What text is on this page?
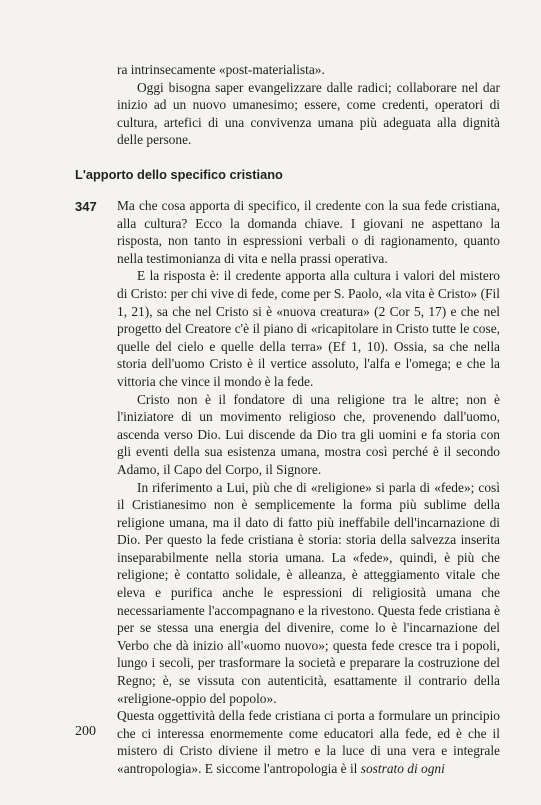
ra intrinsecamente «post-materialista».

Oggi bisogna saper evangelizzare dalle radici; collaborare nel dar inizio ad un nuovo umanesimo; essere, come credenti, operatori di cultura, artefici di una convivenza umana più adeguata alla dignità delle persone.

L'apporto dello specifico cristiano
347 Ma che cosa apporta di specifico, il credente con la sua fede cristiana, alla cultura? Ecco la domanda chiave. I giovani ne aspettano la risposta, non tanto in espressioni verbali o di ragionamento, quanto nella testimonianza di vita e nella prassi operativa.

E la risposta è: il credente apporta alla cultura i valori del mistero di Cristo: per chi vive di fede, come per S. Paolo, «la vita è Cristo» (Fil 1, 21), sa che nel Cristo si è «nuova creatura» (2 Cor 5, 17) e che nel progetto del Creatore c'è il piano di «ricapitolare in Cristo tutte le cose, quelle del cielo e quelle della terra» (Ef 1, 10). Ossia, sa che nella storia dell'uomo Cristo è il vertice assoluto, l'alfa e l'omega; e che la vittoria che vince il mondo è la fede.

Cristo non è il fondatore di una religione tra le altre; non è l'iniziatore di un movimento religioso che, provenendo dall'uomo, ascenda verso Dio. Lui discende da Dio tra gli uomini e fa storia con gli eventi della sua esistenza umana, mostra così perché è il secondo Adamo, il Capo del Corpo, il Signore.

In riferimento a Lui, più che di «religione» si parla di «fede»; così il Cristianesimo non è semplicemente la forma più sublime della religione umana, ma il dato di fatto più ineffabile dell'incarnazione di Dio. Per questo la fede cristiana è storia: storia della salvezza inserita inseparabilmente nella storia umana. La «fede», quindi, è più che religione; è contatto solidale, è alleanza, è atteggiamento vitale che eleva e purifica anche le espressioni di religiosità umana che necessariamente l'accompagnano e la rivestono. Questa fede cristiana è per se stessa una energia del divenire, come lo è l'incarnazione del Verbo che dà inizio all'«uomo nuovo»; questa fede cresce tra i popoli, lungo i secoli, per trasformare la società e preparare la costruzione del Regno; è, se vissuta con autenticità, esattamente il contrario della «religione-oppio del popolo».

Questa oggettività della fede cristiana ci porta a formulare un principio che ci interessa enormemente come educatori alla fede, ed è che il mistero di Cristo diviene il metro e la luce di una vera e integrale «antropologia». E siccome l'antropologia è il sostrato di ogni

200
